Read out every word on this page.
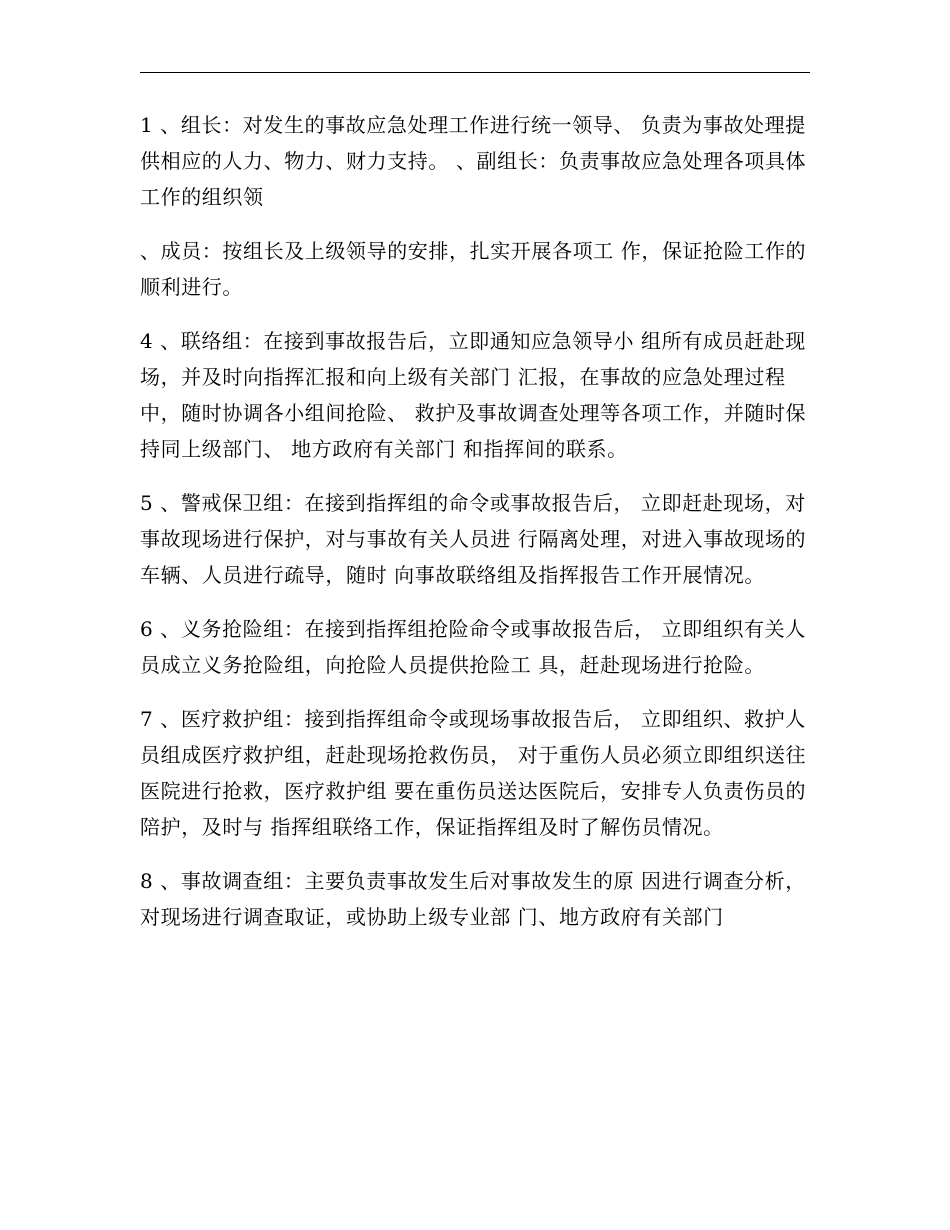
1 、组长：对发生的事故应急处理工作进行统一领导、 负责为事故处理提供相应的人力、物力、财力支持。 、副组长：负责事故应急处理各项具体工作的组织领

、成员：按组长及上级领导的安排，扎实开展各项工 作，保证抢险工作的顺利进行。

4 、联络组：在接到事故报告后，立即通知应急领导小 组所有成员赶赴现场，并及时向指挥汇报和向上级有关部门 汇报，在事故的应急处理过程中，随时协调各小组间抢险、 救护及事故调查处理等各项工作，并随时保持同上级部门、 地方政府有关部门 和指挥间的联系。

5 、警戒保卫组：在接到指挥组的命令或事故报告后， 立即赶赴现场，对事故现场进行保护，对与事故有关人员进 行隔离处理，对进入事故现场的车辆、人员进行疏导，随时 向事故联络组及指挥报告工作开展情况。

6 、义务抢险组：在接到指挥组抢险命令或事故报告后， 立即组织有关人员成立义务抢险组，向抢险人员提供抢险工 具，赶赴现场进行抢险。

7 、医疗救护组：接到指挥组命令或现场事故报告后， 立即组织、救护人员组成医疗救护组，赶赴现场抢救伤员， 对于重伤人员必须立即组织送往医院进行抢救，医疗救护组 要在重伤员送达医院后，安排专人负责伤员的陪护，及时与 指挥组联络工作，保证指挥组及时了解伤员情况。

8 、事故调查组：主要负责事故发生后对事故发生的原 因进行调查分析，对现场进行调查取证，或协助上级专业部 门、地方政府有关部门
